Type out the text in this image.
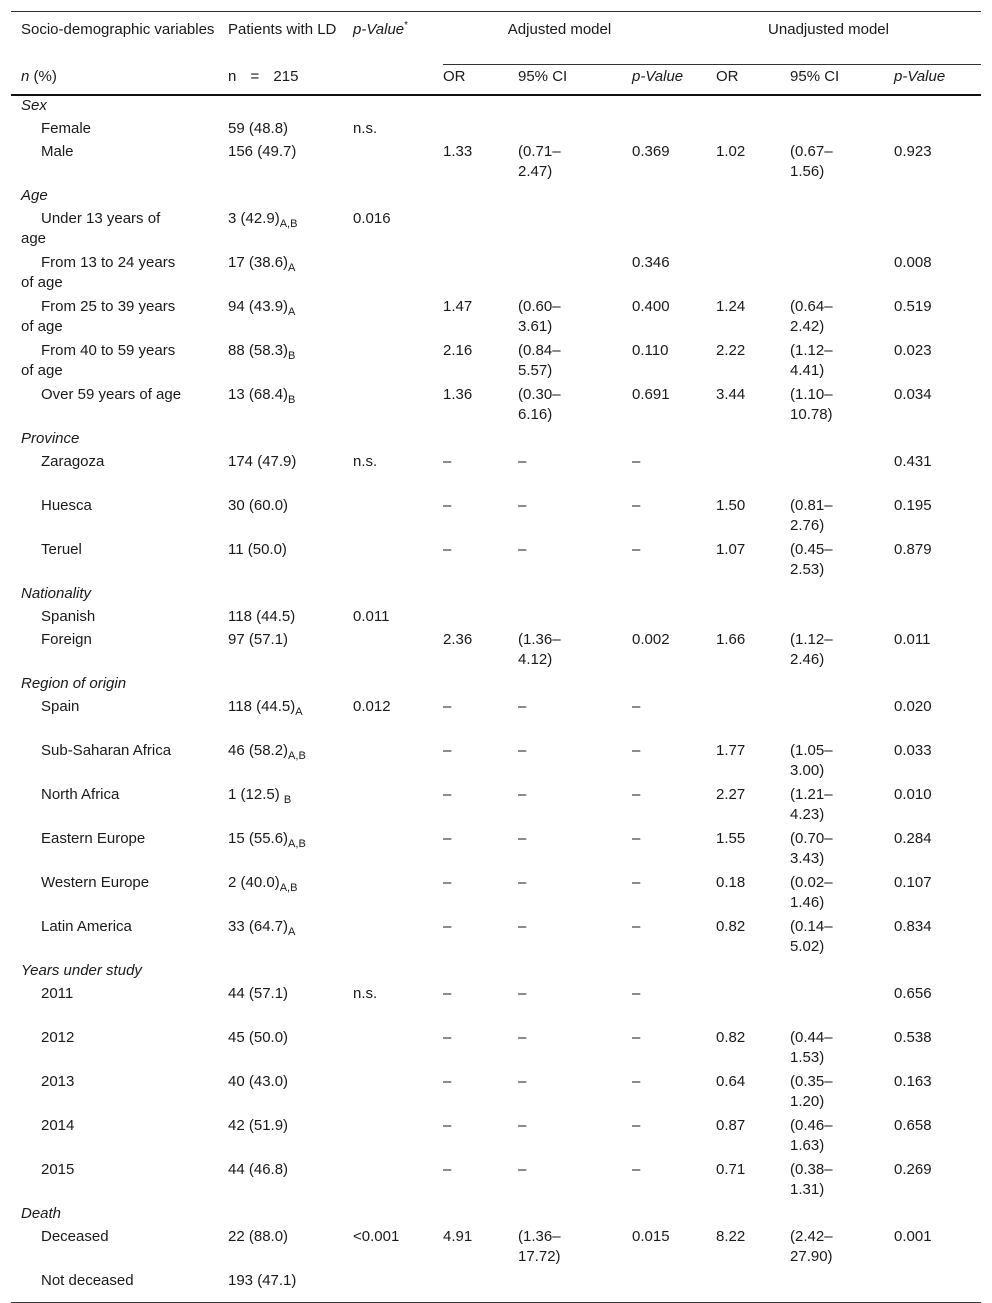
Socio-demographic variables	Patients with LD	p-Value*	Adjusted model			Unadjusted model		
n (%)	n = 215		OR	95% CI	p-Value	OR	95% CI	p-Value
Sex								
Female	59 (48.8)	n.s.						
Male	156 (49.7)		1.33	(0.71–2.47)	0.369	1.02	(0.67–1.56)	0.923
Age								
Under 13 years of age	3 $(42.9)_{A,B}$	0.016						
From 13 to 24 years of age	17 $(38.6)_A$				0.346			0.008
From 25 to 39 years of age	94 $(43.9)_A$		1.47	(0.60–3.61)	0.400	1.24	(0.64–2.42)	0.519
From 40 to 59 years of age	88 $(58.3)_B$		2.16	(0.84–5.57)	0.110	2.22	(1.12–4.41)	0.023
Over 59 years of age	13 $(68.4)_B$		1.36	(0.30–6.16)	0.691	3.44	(1.10–10.78)	0.034
Province								
Zaragoza	174 (47.9)	n.s.	–	–	–			0.431
Huesca	30 (60.0)		–	–	–	1.50	(0.81–2.76)	0.195
Teruel	11 (50.0)		–	–	–	1.07	(0.45–2.53)	0.879
Nationality								
Spanish	118 (44.5)	0.011						
Foreign	97 (57.1)		2.36	(1.36–4.12)	0.002	1.66	(1.12–2.46)	0.011
Region of origin								
Spain	118 $(44.5)_A$	0.012	–	–	–			0.020
Sub-Saharan Africa	46 $(58.2)_{A,B}$		–	–	–	1.77	(1.05–3.00)	0.033
North Africa	1 (12.5) $_B$		–	–	–	2.27	(1.21–4.23)	0.010
Eastern Europe	15 $(55.6)_{A,B}$		–	–	–	1.55	(0.70–3.43)	0.284
Western Europe	2 $(40.0)_{A,B}$		–	–	–	0.18	(0.02–1.46)	0.107
Latin America	33 $(64.7)_A$		–	–	–	0.82	(0.14–5.02)	0.834
Years under study								
2011	44 (57.1)	n.s.	–	–	–			0.656
2012	45 (50.0)		–	–	–	0.82	(0.44–1.53)	0.538
2013	40 (43.0)		–	–	–	0.64	(0.35–1.20)	0.163
2014	42 (51.9)		–	–	–	0.87	(0.46–1.63)	0.658
2015	44 (46.8)		–	–	–	0.71	(0.38–1.31)	0.269
Death								
Deceased	22 (88.0)	<0.001	4.91	(1.36–17.72)	0.015	8.22	(2.42–27.90)	0.001
Not deceased	193 (47.1)							
